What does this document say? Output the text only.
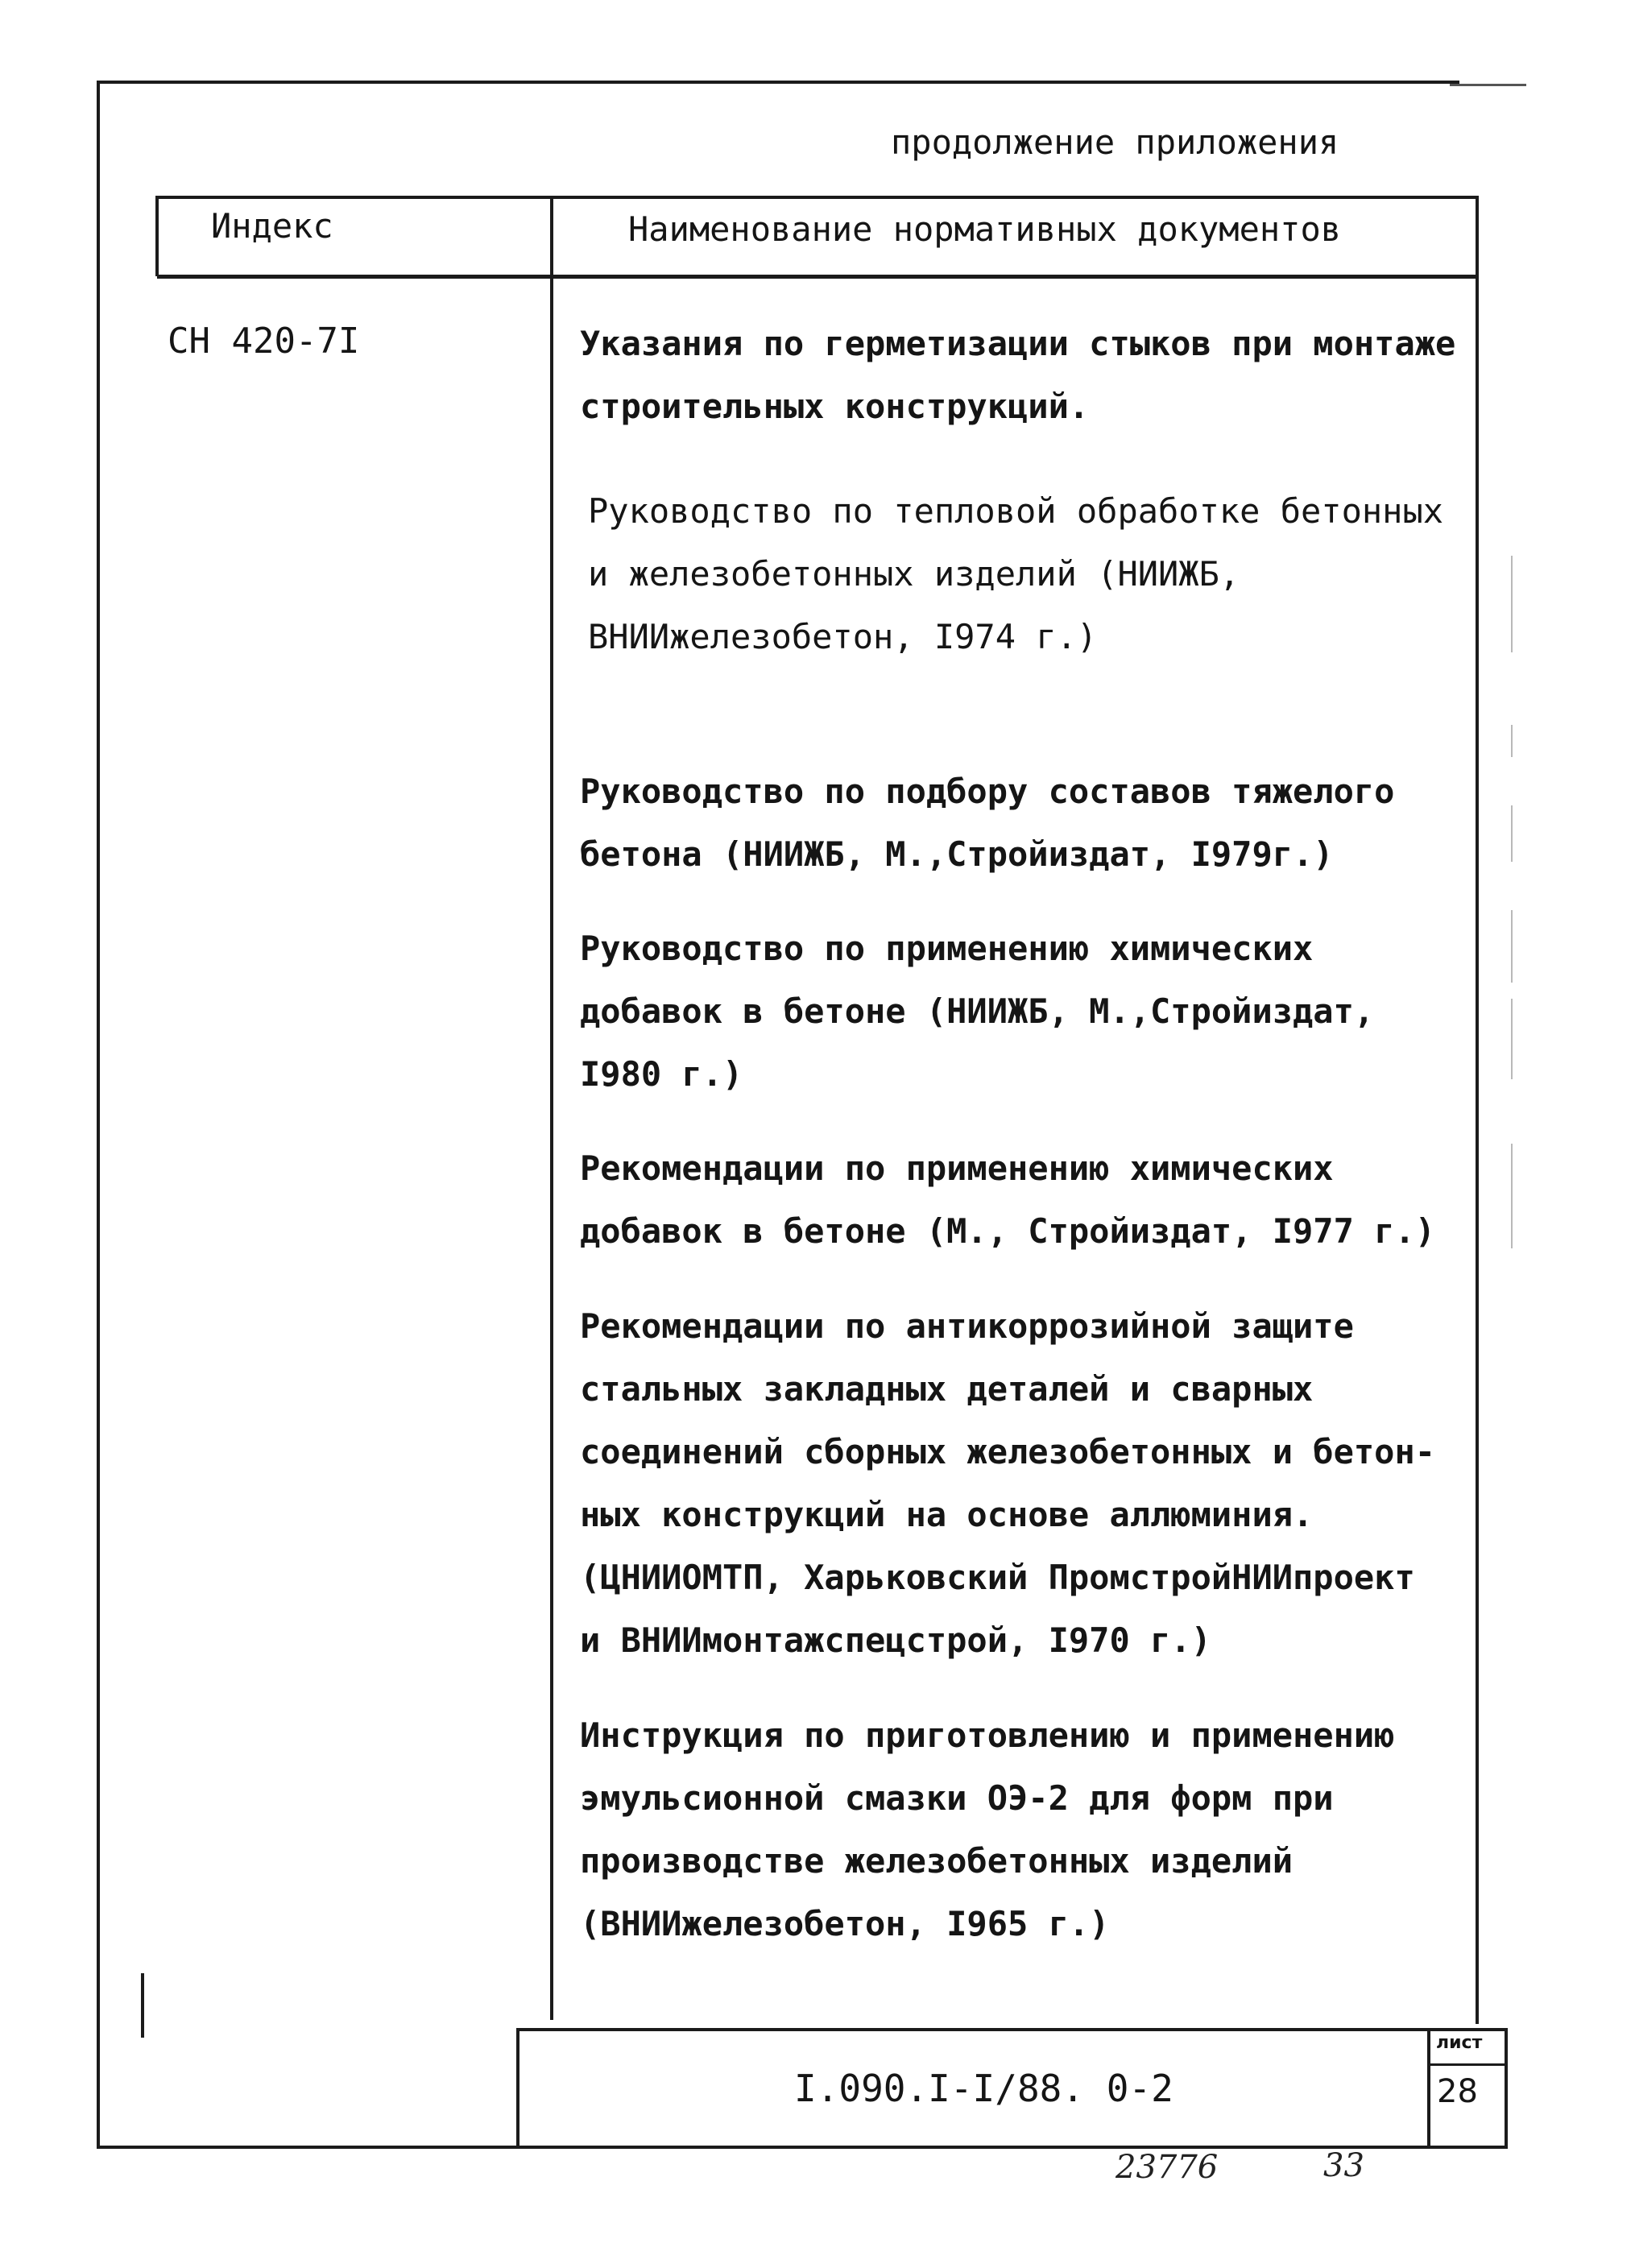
продолжение приложения
Индекс	Наименование нормативных документов
СН 420-7I	Указания по герметизации стыков при монтаже
строительных конструкций.
Руководство по тепловой обработке бетонных
и железобетонных изделий (НИИЖБ,
ВНИИжелезобетон, I974 г.)
Руководство по подбору составов тяжелого
бетона (НИИЖБ, М.,Стройиздат, I979г.)
Руководство по применению химических
добавок в бетоне (НИИЖБ, М.,Стройиздат,
I980 г.)
Рекомендации по применению химических
добавок в бетоне (М., Стройиздат, I977 г.)
Рекомендации по антикоррозийной защите
стальных закладных деталей и сварных
соединений сборных железобетонных и бетон-
ных конструкций на основе аллюминия.
(ЦНИИОМТП, Харьковский ПромстройНИИпроект
и ВНИИмонтажспецстрой, I970 г.)
Инструкция по приготовлению и применению
эмульсионной смазки ОЭ-2 для форм при
производстве железобетонных изделий
(ВНИИжелезобетон, I965 г.)
I.090.I-I/88. 0-2
лист
28
23776	33
